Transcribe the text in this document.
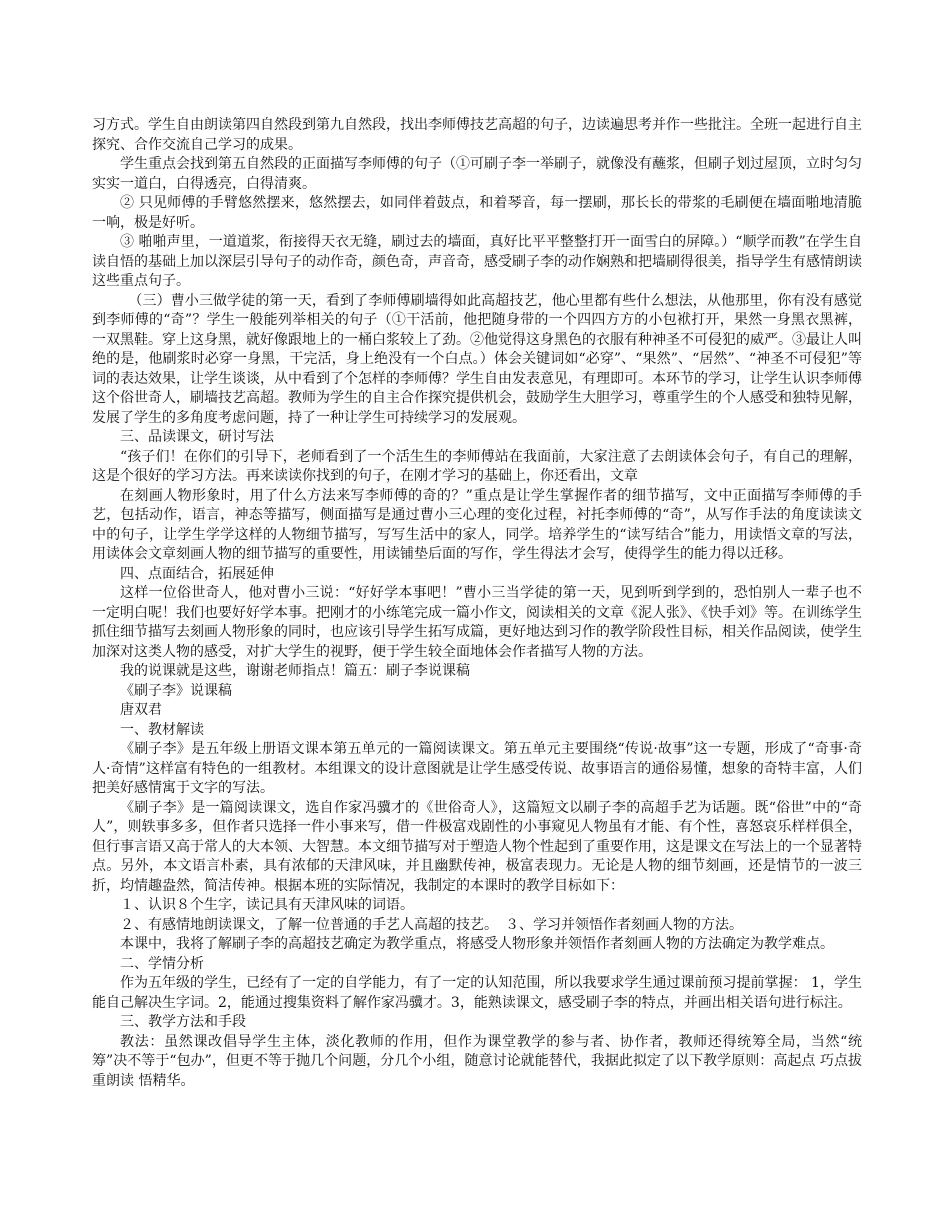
习方式。学生自由朗读第四自然段到第九自然段，找出李师傅技艺高超的句子，边读遍思考并作一些批注。全班一起进行自主探究、合作交流自己学习的成果。

学生重点会找到第五自然段的正面描写李师傅的句子（①可刷子李一举刷子，就像没有蘸浆，但刷子划过屋顶，立时匀匀实实一道白，白得透亮，白得清爽。

② 只见师傅的手臂悠然摆来，悠然摆去，如同伴着鼓点，和着琴音，每一摆刷，那长长的带浆的毛刷便在墙面啪地清脆一响，极是好听。

③ 啪啪声里，一道道浆，衔接得天衣无缝，刷过去的墙面，真好比平平整整打开一面雪白的屏障。）“顺学而教”在学生自读自悟的基础上加以深层引导句子的动作奇，颜色奇，声音奇，感受刷子李的动作娴熟和把墙刷得很美，指导学生有感情朗读这些重点句子。

（三）曹小三做学徒的第一天，看到了李师傅刷墙得如此高超技艺，他心里都有些什么想法，从他那里，你有没有感觉到李师傅的“奇”？学生一般能列举相关的句子（①干活前，他把随身带的一个四四方方的小包袱打开，果然一身黑衣黑裤，一双黑鞋。穿上这身黑，就好像跟地上的一桶白浆较上了劲。②他觉得这身黑色的衣服有种神圣不可侵犯的威严。③最让人叫绝的是，他刷浆时必穿一身黑，干完活，身上绝没有一个白点。）体会关键词如“必穿”、“果然”、“居然”、“神圣不可侵犯”等词的表达效果，让学生谈谈，从中看到了个怎样的李师傅？学生自由发表意见，有理即可。本环节的学习，让学生认识李师傅这个俗世奇人，刷墙技艺高超。教师为学生的自主合作探究提供机会，鼓励学生大胆学习，尊重学生的个人感受和独特见解，发展了学生的多角度考虑问题，持了一种让学生可持续学习的发展观。

三、品读课文，研讨写法

“孩子们！在你们的引导下，老师看到了一个活生生的李师傅站在我面前，大家注意了去朗读体会句子，有自己的理解，这是个很好的学习方法。再来读读你找到的句子，在刚才学习的基础上，你还看出，文章

在刻画人物形象时，用了什么方法来写李师傅的奇的？”重点是让学生掌握作者的细节描写，文中正面描写李师傅的手艺，包括动作，语言，神态等描写，侧面描写是通过曹小三心理的变化过程，衬托李师傅的“奇”，从写作手法的角度读读文中的句子，让学生学学这样的人物细节描写，写写生活中的家人，同学。培养学生的“读写结合”能力，用读悟文章的写法，用读体会文章刻画人物的细节描写的重要性，用读铺垫后面的写作，学生得法才会写，使得学生的能力得以迁移。

四、点面结合，拓展延伸

这样一位俗世奇人，他对曹小三说：“好好学本事吧！”曹小三当学徒的第一天，见到听到学到的，恐怕别人一辈子也不一定明白呢！我们也要好好学本事。把刚才的小练笔完成一篇小作文，阅读相关的文章《泥人张》、《快手刘》等。在训练学生抓住细节描写去刻画人物形象的同时，也应该引导学生拓写成篇，更好地达到习作的教学阶段性目标，相关作品阅读，使学生加深对这类人物的感受，对扩大学生的视野，便于学生较全面地体会作者描写人物的方法。

我的说课就是这些，谢谢老师指点！篇五：刷子李说课稿

《刷子李》说课稿

唐双君

一、教材解读

《刷子李》是五年级上册语文课本第五单元的一篇阅读课文。第五单元主要围绕“传说·故事”这一专题，形成了“奇事·奇人·奇情”这样富有特色的一组教材。本组课文的设计意图就是让学生感受传说、故事语言的通俗易懂，想象的奇特丰富，人们把美好感情寓于文字的写法。

《刷子李》是一篇阅读课文，选自作家冯骥才的《世俗奇人》，这篇短文以刷子李的高超手艺为话题。既“俗世”中的“奇人”，则轶事多多，但作者只选择一件小事来写，借一件极富戏剧性的小事窥见人物虽有才能、有个性，喜怒哀乐样样俱全，但行事言语又高于常人的大本领、大智慧。本文细节描写对于塑造人物个性起到了重要作用，这是课文在写法上的一个显著特点。另外，本文语言朴素，具有浓郁的天津风味，并且幽默传神，极富表现力。无论是人物的细节刻画，还是情节的一波三折，均情趣盎然，简洁传神。根据本班的实际情况，我制定的本课时的教学目标如下：

１、认识８个生字，读记具有天津风味的词语。

２、有感情地朗读课文，了解一位普通的手艺人高超的技艺。　３、学习并领悟作者刻画人物的方法。

本课中，我将了解刷子李的高超技艺确定为教学重点，将感受人物形象并领悟作者刻画人物的方法确定为教学难点。

二、学情分析

作为五年级的学生，已经有了一定的自学能力，有了一定的认知范围，所以我要求学生通过课前预习提前掌握： 1，学生能自己解决生字词。2，能通过搜集资料了解作家冯骥才。3，能熟读课文，感受刷子李的特点，并画出相关语句进行标注。

三、教学方法和手段

教法：虽然课改倡导学生主体，淡化教师的作用，但作为课堂教学的参与者、协作者，教师还得统筹全局，当然“统筹”决不等于“包办”，但更不等于抛几个问题，分几个小组，随意讨论就能替代，我据此拟定了以下教学原则：高起点 巧点拔 重朗读 悟精华。
